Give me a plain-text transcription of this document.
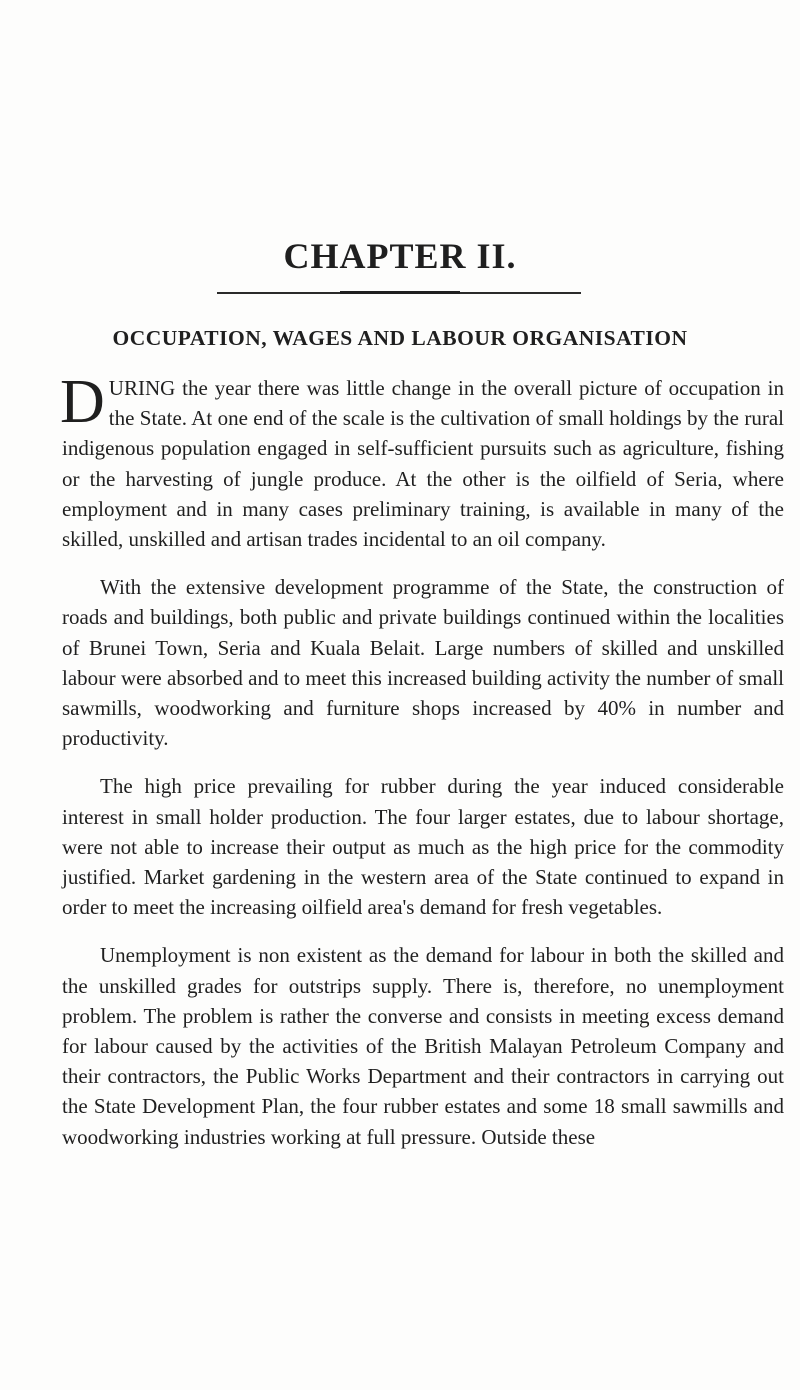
CHAPTER II.
OCCUPATION, WAGES AND LABOUR ORGANISATION

DURING the year there was little change in the overall picture of occupation in the State. At one end of the scale is the cultivation of small holdings by the rural indigenous population engaged in self-sufficient pursuits such as agriculture, fishing or the harvesting of jungle produce. At the other is the oilfield of Seria, where employment and in many cases preliminary training, is available in many of the skilled, unskilled and artisan trades incidental to an oil company.

With the extensive development programme of the State, the construction of roads and buildings, both public and private buildings continued within the localities of Brunei Town, Seria and Kuala Belait. Large numbers of skilled and unskilled labour were absorbed and to meet this increased building activity the number of small sawmills, woodworking and furniture shops increased by 40% in number and productivity.

The high price prevailing for rubber during the year induced considerable interest in small holder production. The four larger estates, due to labour shortage, were not able to increase their output as much as the high price for the commodity justified. Market gardening in the western area of the State continued to expand in order to meet the increasing oilfield area's demand for fresh vegetables.

Unemployment is non existent as the demand for labour in both the skilled and the unskilled grades for outstrips supply. There is, therefore, no unemployment problem. The problem is rather the converse and consists in meeting excess demand for labour caused by the activities of the British Malayan Petroleum Company and their contractors, the Public Works Department and their contractors in carrying out the State Development Plan, the four rubber estates and some 18 small sawmills and woodworking industries working at full pressure. Outside these
